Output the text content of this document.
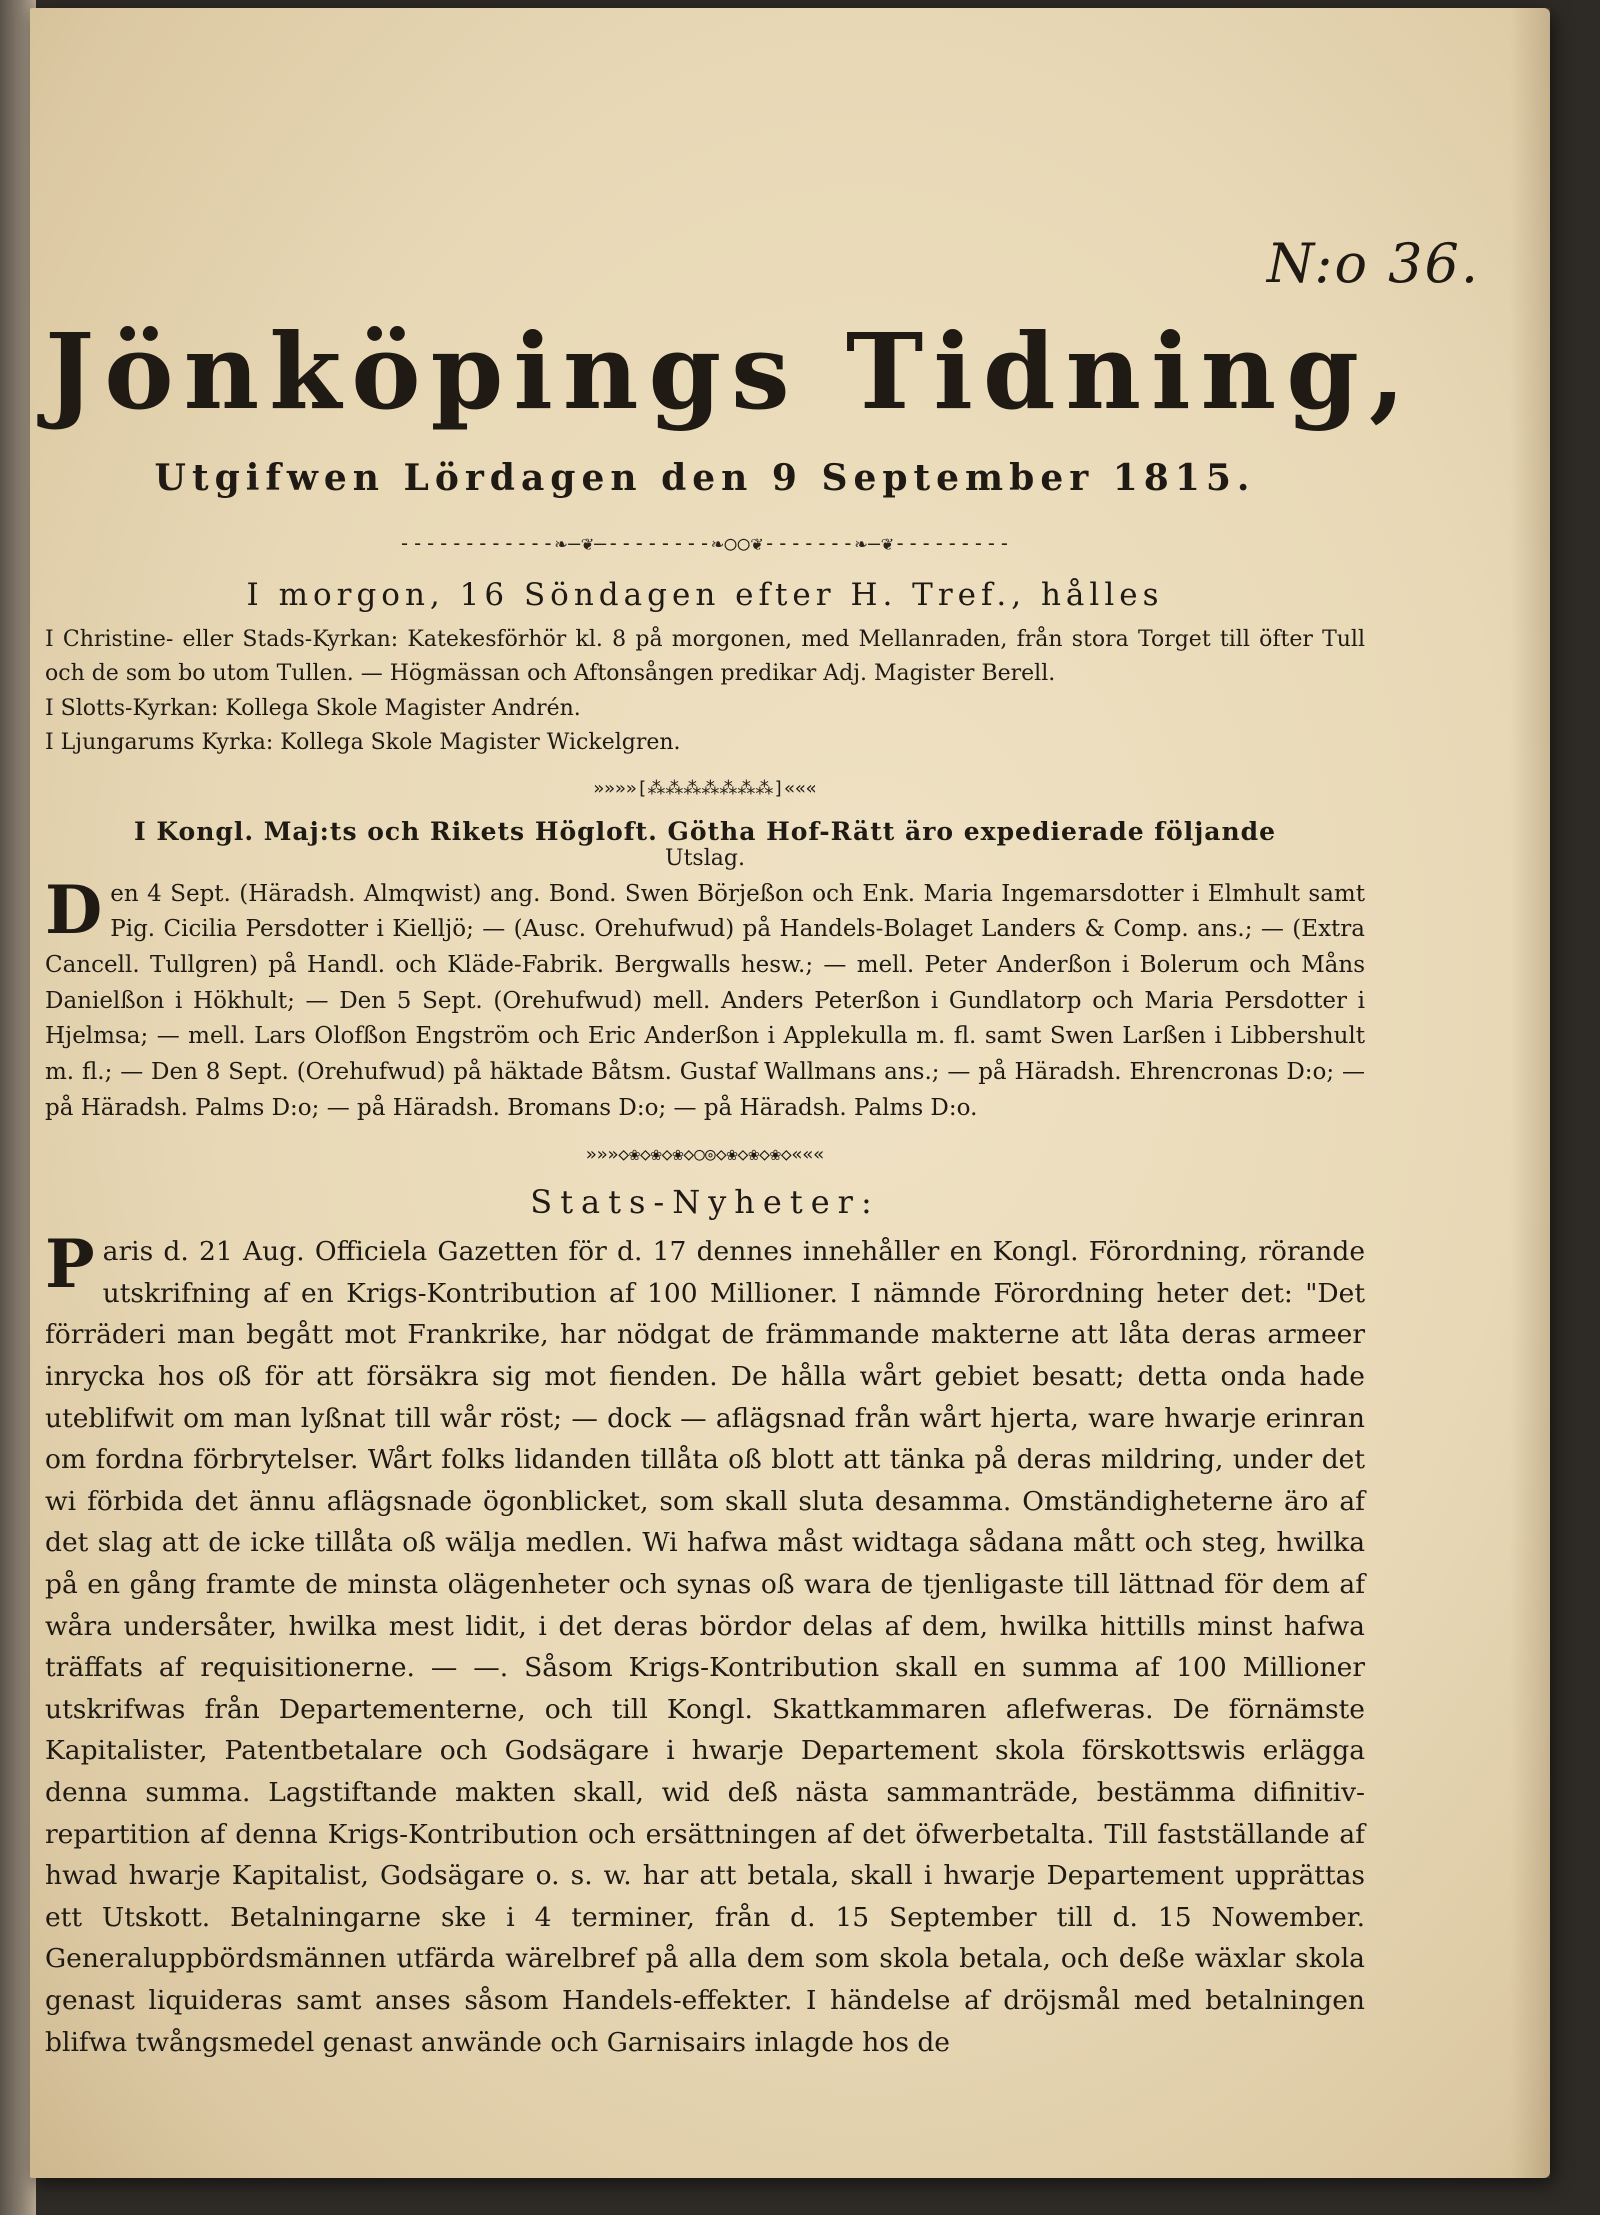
N:o 36.
Jönköpings Tidning,
Utgifwen Lördagen den 9 September 1815.
------------❧—❦—--------❧○○❦-------❧—❦---------
I morgon, 16 Söndagen efter H. Tref., hålles

I Christine- eller Stads-Kyrkan: Katekesförhör kl. 8 på morgonen, med Mellanraden, från stora Torget till öfter Tull och de som bo utom Tullen. — Högmässan och Aftonsången predikar Adj. Magister Berell.

I Slotts-Kyrkan: Kollega Skole Magister Andrén.

I Ljungarums Kyrka: Kollega Skole Magister Wickelgren.

»»»»[⁂⁂⁂⁂⁂⁂⁂]«««
I Kongl. Maj:ts och Rikets Högloft. Götha Hof-Rätt äro expedierade följande
Utslag.

Den 4 Sept. (Häradsh. Almqwist) ang. Bond. Swen Börjeßon och Enk. Maria Ingemarsdotter i Elmhult samt Pig. Cicilia Persdotter i Kielljö; — (Ausc. Orehufwud) på Handels-Bolaget Landers & Comp. ans.; — (Extra Cancell. Tullgren) på Handl. och Kläde-Fabrik. Bergwalls hesw.; — mell. Peter Anderßon i Bolerum och Måns Danielßon i Hökhult; — Den 5 Sept. (Orehufwud) mell. Anders Peterßon i Gundlatorp och Maria Persdotter i Hjelmsa; — mell. Lars Olofßon Engström och Eric Anderßon i Applekulla m. fl. samt Swen Larßen i Libbershult m. fl.; — Den 8 Sept. (Orehufwud) på häktade Båtsm. Gustaf Wallmans ans.; — på Häradsh. Ehrencronas D:o; — på Häradsh. Palms D:o; — på Häradsh. Bromans D:o; — på Häradsh. Palms D:o.

»»»◇❀◇❀◇❀◇○◎◇❀◇❀◇❀◇«««
Stats-Nyheter:

Paris d. 21 Aug. Officiela Gazetten för d. 17 dennes innehåller en Kongl. Förordning, rörande utskrifning af en Krigs-Kontribution af 100 Millioner. I nämnde Förordning heter det: "Det förräderi man begått mot Frankrike, har nödgat de främmande makterne att låta deras armeer inrycka hos oß för att försäkra sig mot fienden. De hålla wårt gebiet besatt; detta onda hade uteblifwit om man lyßnat till wår röst; — dock — aflägsnad från wårt hjerta, ware hwarje erinran om fordna förbrytelser. Wårt folks lidanden tillåta oß blott att tänka på deras mildring, under det wi förbida det ännu aflägsnade ögonblicket, som skall sluta desamma. Omständigheterne äro af det slag att de icke tillåta oß wälja medlen. Wi hafwa måst widtaga sådana mått och steg, hwilka på en gång framte de minsta olägenheter och synas oß wara de tjenligaste till lättnad för dem af wåra undersåter, hwilka mest lidit, i det deras bördor delas af dem, hwilka hittills minst hafwa träffats af requisitionerne. — —. Såsom Krigs-Kontribution skall en summa af 100 Millioner utskrifwas från Departementerne, och till Kongl. Skattkammaren aflefweras. De förnämste Kapitalister, Patentbetalare och Godsägare i hwarje Departement skola förskottswis erlägga denna summa. Lagstiftande makten skall, wid deß nästa sammanträde, bestämma difinitiv-repartition af denna Krigs-Kontribution och ersättningen af det öfwerbetalta. Till fastställande af hwad hwarje Kapitalist, Godsägare o. s. w. har att betala, skall i hwarje Departement upprättas ett Utskott. Betalningarne ske i 4 terminer, från d. 15 September till d. 15 Nowember. Generaluppbördsmännen utfärda wärelbref på alla dem som skola betala, och deße wäxlar skola genast liquideras samt anses såsom Handels-effekter. I händelse af dröjsmål med betalningen blifwa twångsmedel genast anwände och Garnisairs inlagde hos de
